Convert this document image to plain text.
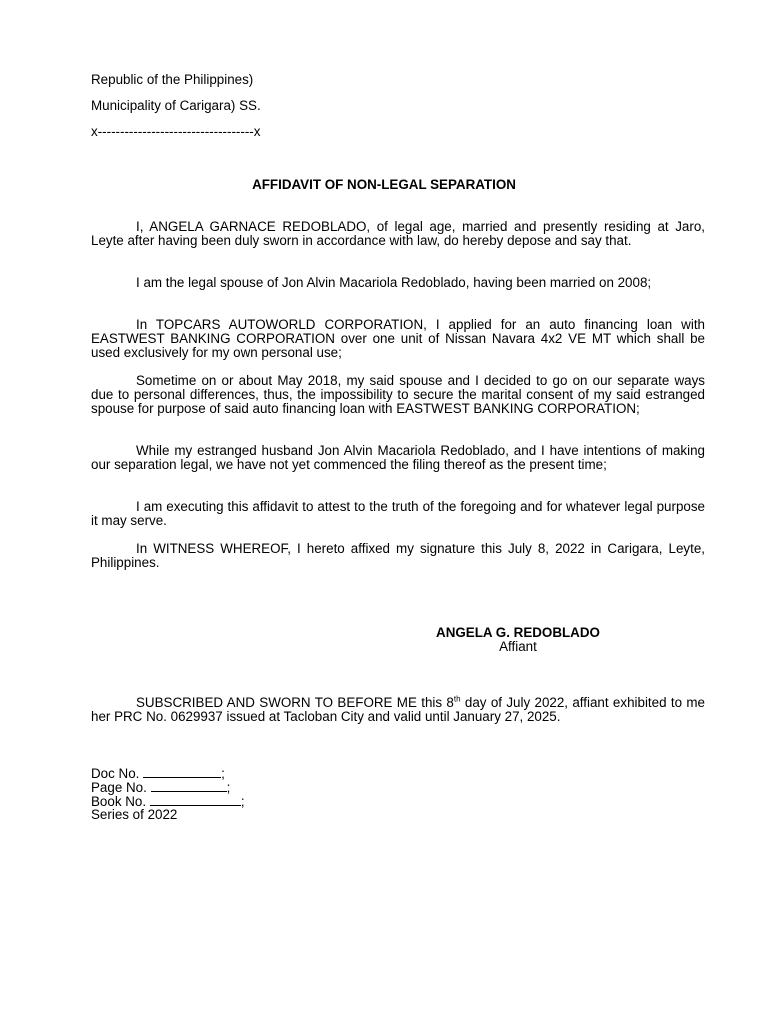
Republic of the Philippines)
Municipality of Carigara) SS.
x-----------------------------------x
AFFIDAVIT OF NON-LEGAL SEPARATION
I, ANGELA GARNACE REDOBLADO, of legal age, married and presently residing at Jaro, Leyte after having been duly sworn in accordance with law, do hereby depose and say that.
I am the legal spouse of Jon Alvin Macariola Redoblado, having been married on 2008;
In TOPCARS AUTOWORLD CORPORATION, I applied for an auto financing loan with EASTWEST BANKING CORPORATION over one unit of Nissan Navara 4x2 VE MT which shall be used exclusively for my own personal use;
Sometime on or about May 2018, my said spouse and I decided to go on our separate ways due to personal differences, thus, the impossibility to secure the marital consent of my said estranged spouse for purpose of said auto financing loan with EASTWEST BANKING CORPORATION;
While my estranged husband Jon Alvin Macariola Redoblado, and I have intentions of making our separation legal, we have not yet commenced the filing thereof as the present time;
I am executing this affidavit to attest to the truth of the foregoing and for whatever legal purpose it may serve.
In WITNESS WHEREOF, I hereto affixed my signature this July 8, 2022 in Carigara, Leyte, Philippines.
ANGELA G. REDOBLADO
Affiant
SUBSCRIBED AND SWORN TO BEFORE ME this 8th day of July 2022, affiant exhibited to me her PRC No. 0629937 issued at Tacloban City and valid until January 27, 2025.
Doc No.	;
Page No.	;
Book No.	;
Series of 2022
